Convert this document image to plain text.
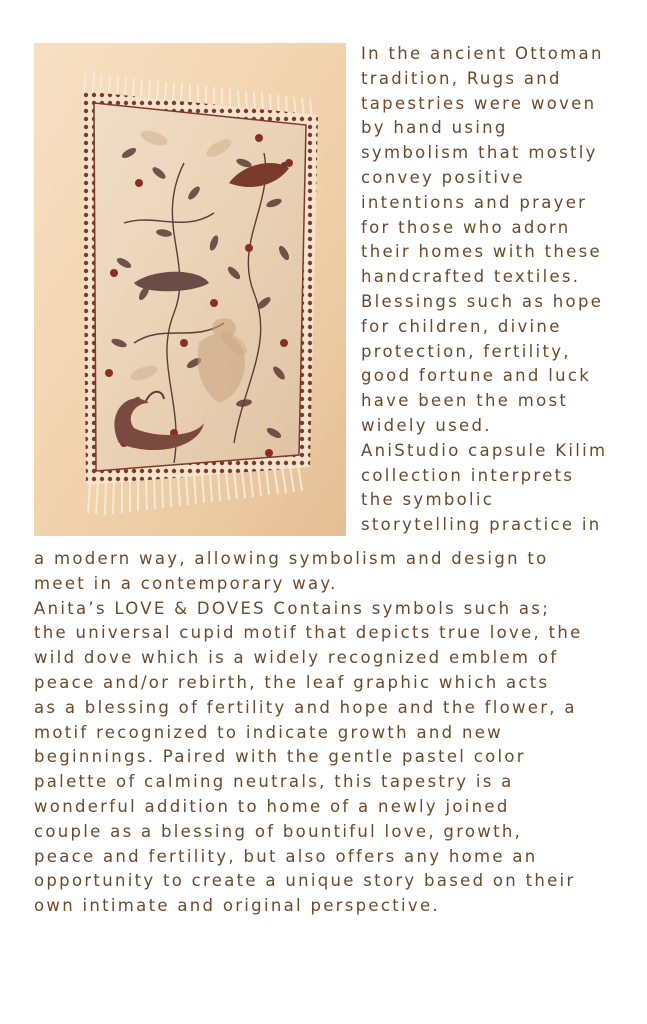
In the ancient Ottoman
tradition, Rugs and
tapestries were woven
by hand using
symbolism that mostly
convey positive
intentions and prayer
for those who adorn
their homes with these
handcrafted textiles.
Blessings such as hope
for children, divine
protection, fertility,
good fortune and luck
have been the most
widely used.
AniStudio capsule Kilim
collection interprets
the symbolic
storytelling practice in
a modern way, allowing symbolism and design to
meet in a contemporary way.
Anita’s LOVE & DOVES Contains symbols such as;
the universal cupid motif that depicts true love, the
wild dove which is a widely recognized emblem of
peace and/or rebirth, the leaf graphic which acts
as a blessing of fertility and hope and the flower, a
motif recognized to indicate growth and new
beginnings. Paired with the gentle pastel color
palette of calming neutrals, this tapestry is a
wonderful addition to home of a newly joined
couple as a blessing of bountiful love, growth,
peace and fertility, but also offers any home an
opportunity to create a unique story based on their
own intimate and original perspective.
